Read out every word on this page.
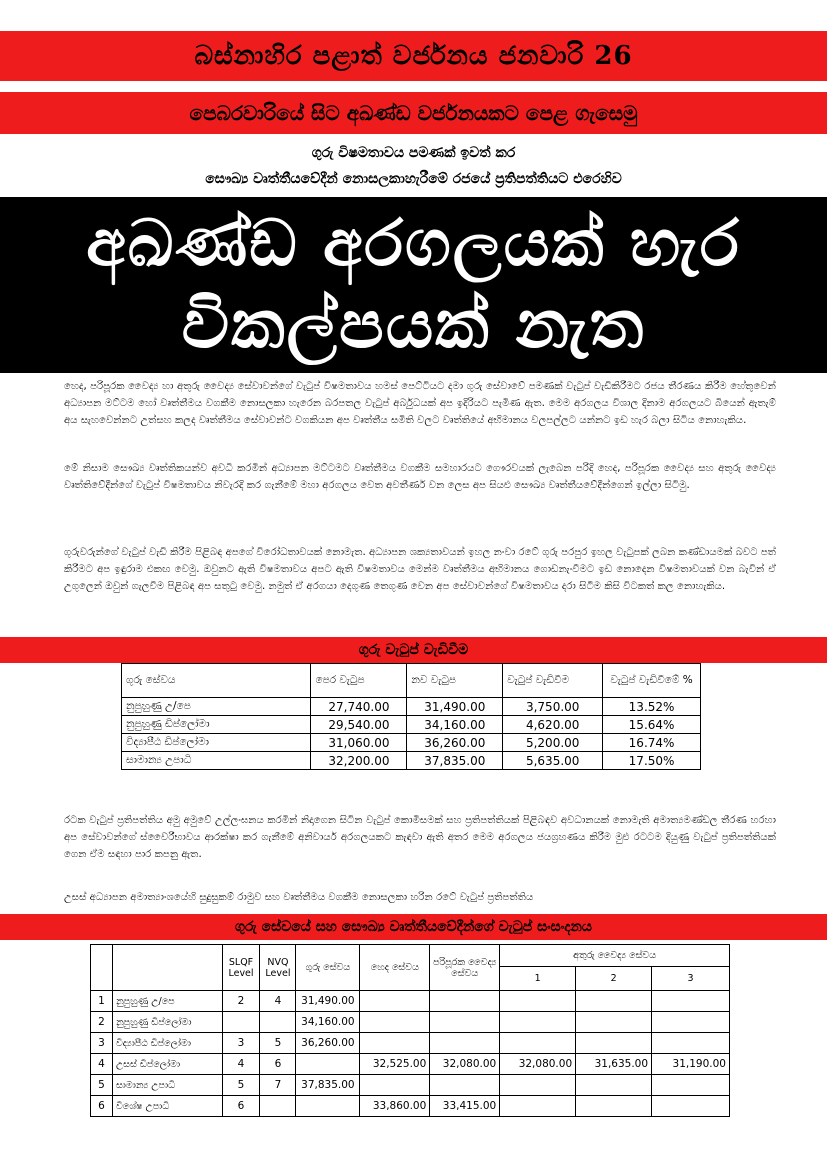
බස්නාහිර පළාත් වර්ජනය ජනවාරි 26
පෙබරවාරියේ සිට අඛණ්ඩ වර්ජනයකට පෙළ ගැසෙමු
ගුරු විෂමතාවය පමණක් ඉවත් කර
සෞඛ්‍ය වෘත්තීයවේදීන් නොසලකාහැරීමේ රජයේ ප්‍රතිපත්තියට එරෙහිව
අඛණ්ඩ අරගලයක් හැර
විකල්පයක් නැත

හෙද, පරිපූරක වෛද්‍ය හා අතුරු වෛද්‍ය සේවාවන්ගේ වැටුප් විෂමතාවය හමස් පෙට්ටියට දමා ගුරු සේවාවේ පමණක් වැටුප් වැඩිකිරීමට රජය තීරණය කිරීම හේතුවෙන් අධ්‍යාපන මට්ටම හෝ වෘත්තීමය වගකීම නොසලකා හැරෙන බරපතල වැටුප් අර්බුධයක් අප ඉදිරියට පැමිණ ඇත. මෙම අරගලය විශාල දිනාම අරගලයට බියෙන් ඇතැම් අය සැහවෙන්නට උත්සහ කලද වෘත්තීමය සේවාවන්ට වගකියන අප වෘත්තීය සමිති වලට වෘත්තියේ අභිමානය වලපල්ලට යන්නට ඉඩ හැර බලා සිටිය නොහැකිය.

මේ නිසාම සෞඛ්‍ය වෘත්තිකයන්ව අවධි කරමින් අධ්‍යාපන මට්ටමට වෘත්තීමය වගකීම සමහාරයට ගෞරවයක් ලැබෙන පරිදි හෙද, පරිපූරක වෛද්‍ය සහ අතුරු වෛද්‍ය වෘත්තිවේදීන්ගේ වැටුප් විෂමතාවය නිවැරදි කර ගැනීමේ මහා අරගලය වෙත අවතීර්ණ වන ලෙස අප සියළු සෞඛ්‍ය වෘත්තීයවේදීන්ගෙන් ඉල්ලා සිටිමු.

ගුරුවරුන්ගේ වැටුප් වැඩි කිරීම පිළිබඳ අපගේ විරෝධතාවයක් නොමැත. අධ්‍යාපන ශක්‍යතාවයන් ඉහල නංවා රටේ ගුරු පරපුර ඉහල වැටුපක් ලබන කණ්ඩායමක් බවට පත් කිරීමට අප ඉඳුරාම එකඟ වෙමු. ඔවුනට ඇති විෂමතාවය අපට ඇති විෂමතාවය මෙන්ම වෘත්තීමය අභිමානය ගොඩනැංවීමට ඉඩ නොදෙන විෂමතාවයක් වන බැවින් ඒ උගුලෙන් ඔවුන් ගැලවීම පිළිබඳ අප සතුටු වෙමු. නමුත් ඒ අරගයා දෙගුණ තෙගුණ වෙන අප සේවාවන්ගේ විෂමතාවය දරා සිටීම කිසි විටකත් කල නොහැකිය.

ගුරු වැටුප් වැඩිවීම
ගුරු සේවය	පෙර වැටුප	නව වැටුප	වැටුප් වැඩිවීම	වැටුප් වැඩිවීමේ %
නුපුහුණු උ/පෙ	27,740.00	31,490.00	3,750.00	13.52%
නුපුහුණු ඩිප්ලෝමා	29,540.00	34,160.00	4,620.00	15.64%
විද්‍යාපීඨ ඩිප්ලෝමා	31,060.00	36,260.00	5,200.00	16.74%
සාමාන්‍ය උපාධි	32,200.00	37,835.00	5,635.00	17.50%

රටක වැටුප් ප්‍රතිපත්තිය අමු අමුවේ උල්ලංඝනය කරමින් නිදාගෙන සිටින වැටුප් කොමිසමක් සහ ප්‍රතිපත්තියක් පිළිබඳව අවධානයක් නොමැති අමාත්‍යමණ්ඩල තීරණ හරහා අප සේවාවන්ගේ ස්වෛරීභාවය ආරක්ෂා කර ගැනීමේ අනිවාර්ය අරගලයකට කැඳවා ඇති අතර මෙම අරගලය ජයග්‍රහණය කිරීම මුළු රටටම දියුණු වැටුප් ප්‍රතිපත්තියක් ගෙන ඒම සඳහා පාර කපනු ඇත.

උසස් අධ්‍යාපන අමාත්‍යාංශයේහි සුදුසුකම් රාමුව සහ වෘත්තීමය වගකීම නොසලකා හරින රටේ වැටුප් ප්‍රතිපත්තිය

ගුරු සේවයේ සහ සෞඛ්‍ය වෘත්තීයවේදීන්ගේ වැටුප් සංසංදනය
		SLQF Level	NVQ Level	ගුරු සේවය	හෙද සේවය	පරිපූරක වෛද්‍ය සේවය	අතුරු වෛද්‍ය සේවය		
							1	2	3
1	නුපුහුණු උ/පෙ	2	4	31,490.00					
2	නුපුහුණු ඩිප්ලෝමා			34,160.00					
3	විද්‍යාපීඨ ඩිප්ලෝමා	3	5	36,260.00					
4	උසස් ඩිප්ලෝමා	4	6		32,525.00	32,080.00	32,080.00	31,635.00	31,190.00
5	සාමාන්‍ය උපාධි	5	7	37,835.00					
6	විශේෂ උපාධි	6			33,860.00	33,415.00			
